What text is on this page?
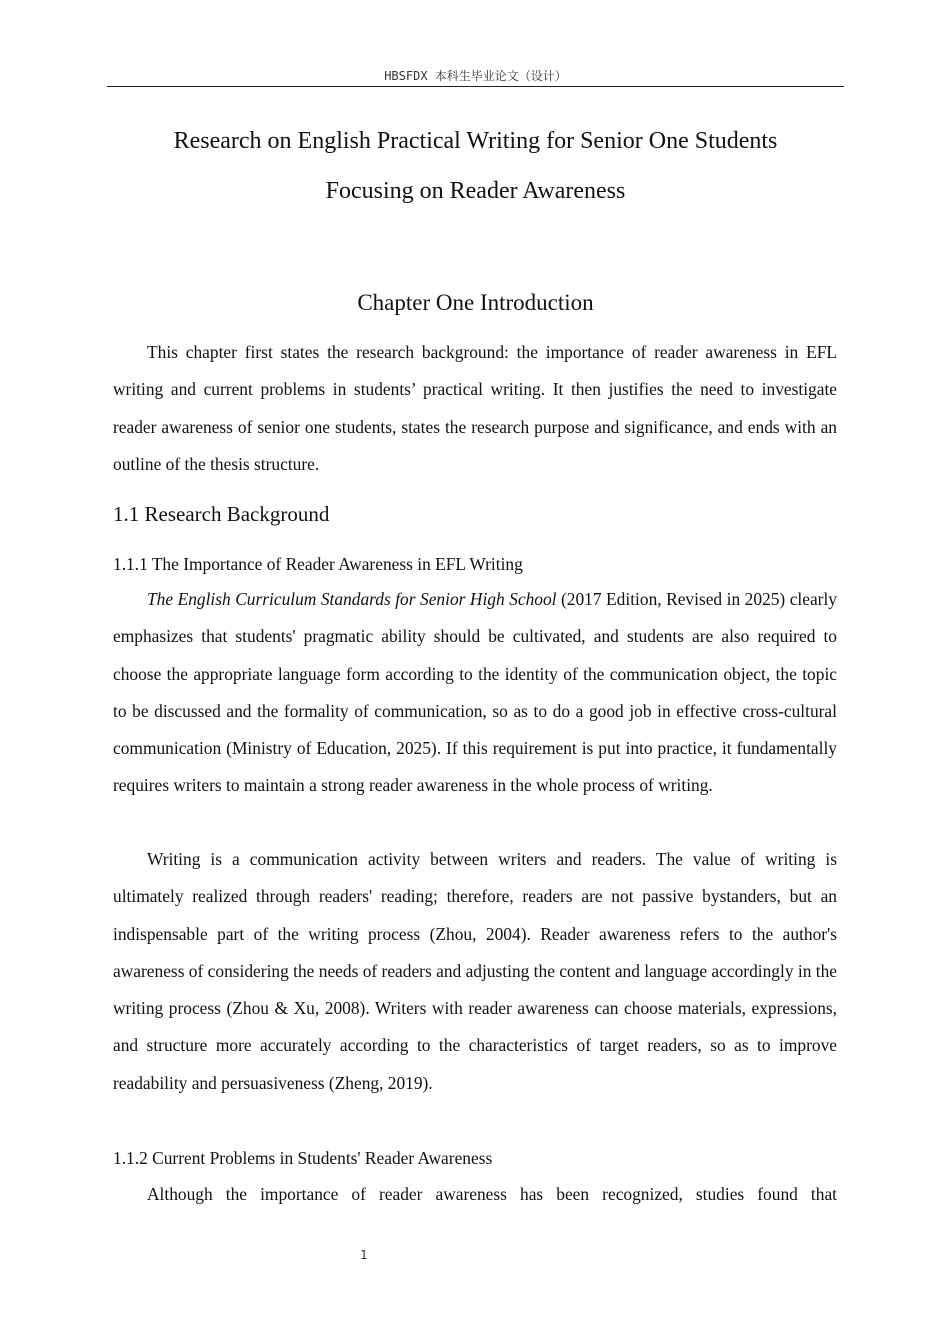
HBSFDX 本科生毕业论文（设计）
Research on English Practical Writing for Senior One Students
Focusing on Reader Awareness
Chapter One Introduction

This chapter first states the research background: the importance of reader awareness in EFL writing and current problems in students’ practical writing. It then justifies the need to investigate reader awareness of senior one students, states the research purpose and significance, and ends with an outline of the thesis structure.

1.1 Research Background
1.1.1 The Importance of Reader Awareness in EFL Writing

The English Curriculum Standards for Senior High School (2017 Edition, Revised in 2025) clearly emphasizes that students' pragmatic ability should be cultivated, and students are also required to choose the appropriate language form according to the identity of the communication object, the topic to be discussed and the formality of communication, so as to do a good job in effective cross-cultural communication (Ministry of Education, 2025). If this requirement is put into practice, it fundamentally requires writers to maintain a strong reader awareness in the whole process of writing.

Writing is a communication activity between writers and readers. The value of writing is ultimately realized through readers' reading; therefore, readers are not passive bystanders, but an indispensable part of the writing process (Zhou, 2004). Reader awareness refers to the author's awareness of considering the needs of readers and adjusting the content and language accordingly in the writing process (Zhou & Xu, 2008). Writers with reader awareness can choose materials, expressions, and structure more accurately according to the characteristics of target readers, so as to improve readability and persuasiveness (Zheng, 2019).

1.1.2 Current Problems in Students' Reader Awareness

Although the importance of reader awareness has been recognized, studies found that

1
